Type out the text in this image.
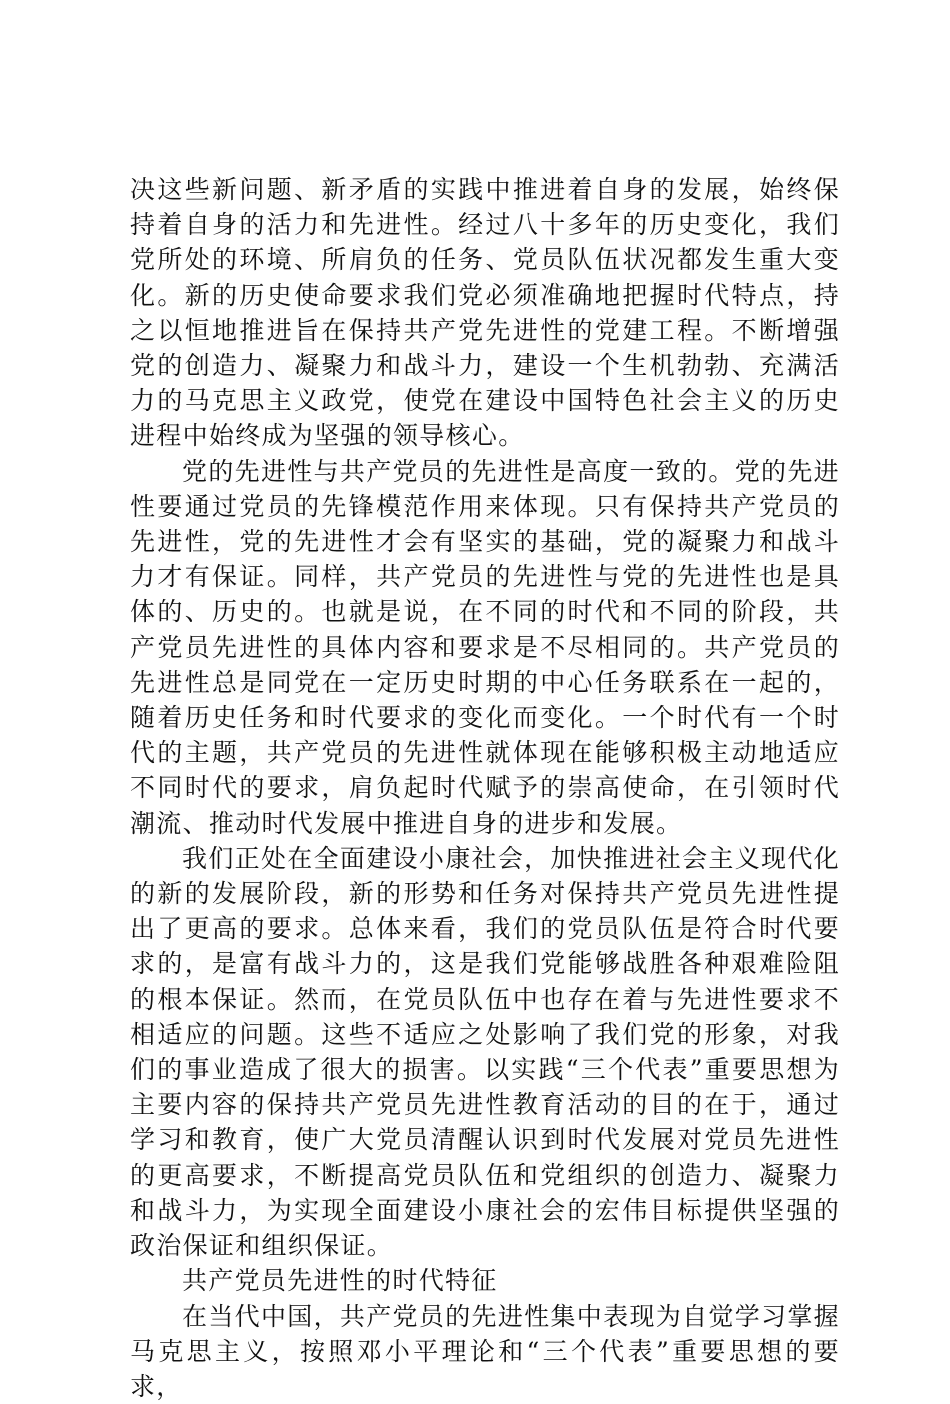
决这些新问题、新矛盾的实践中推进着自身的发展，始终保持着自身的活力和先进性。经过八十多年的历史变化，我们党所处的环境、所肩负的任务、党员队伍状况都发生重大变化。新的历史使命要求我们党必须准确地把握时代特点，持之以恒地推进旨在保持共产党先进性的党建工程。不断增强党的创造力、凝聚力和战斗力，建设一个生机勃勃、充满活力的马克思主义政党，使党在建设中国特色社会主义的历史进程中始终成为坚强的领导核心。

党的先进性与共产党员的先进性是高度一致的。党的先进性要通过党员的先锋模范作用来体现。只有保持共产党员的先进性，党的先进性才会有坚实的基础，党的凝聚力和战斗力才有保证。同样，共产党员的先进性与党的先进性也是具体的、历史的。也就是说，在不同的时代和不同的阶段，共产党员先进性的具体内容和要求是不尽相同的。共产党员的先进性总是同党在一定历史时期的中心任务联系在一起的，随着历史任务和时代要求的变化而变化。一个时代有一个时代的主题，共产党员的先进性就体现在能够积极主动地适应不同时代的要求，肩负起时代赋予的崇高使命，在引领时代潮流、推动时代发展中推进自身的进步和发展。

我们正处在全面建设小康社会，加快推进社会主义现代化的新的发展阶段，新的形势和任务对保持共产党员先进性提出了更高的要求。总体来看，我们的党员队伍是符合时代要求的，是富有战斗力的，这是我们党能够战胜各种艰难险阻的根本保证。然而，在党员队伍中也存在着与先进性要求不相适应的问题。这些不适应之处影响了我们党的形象，对我们的事业造成了很大的损害。以实践“三个代表”重要思想为主要内容的保持共产党员先进性教育活动的目的在于，通过学习和教育，使广大党员清醒认识到时代发展对党员先进性的更高要求，不断提高党员队伍和党组织的创造力、凝聚力和战斗力，为实现全面建设小康社会的宏伟目标提供坚强的政治保证和组织保证。

共产党员先进性的时代特征

在当代中国，共产党员的先进性集中表现为自觉学习掌握马克思主义，按照邓小平理论和“三个代表”重要思想的要求，
